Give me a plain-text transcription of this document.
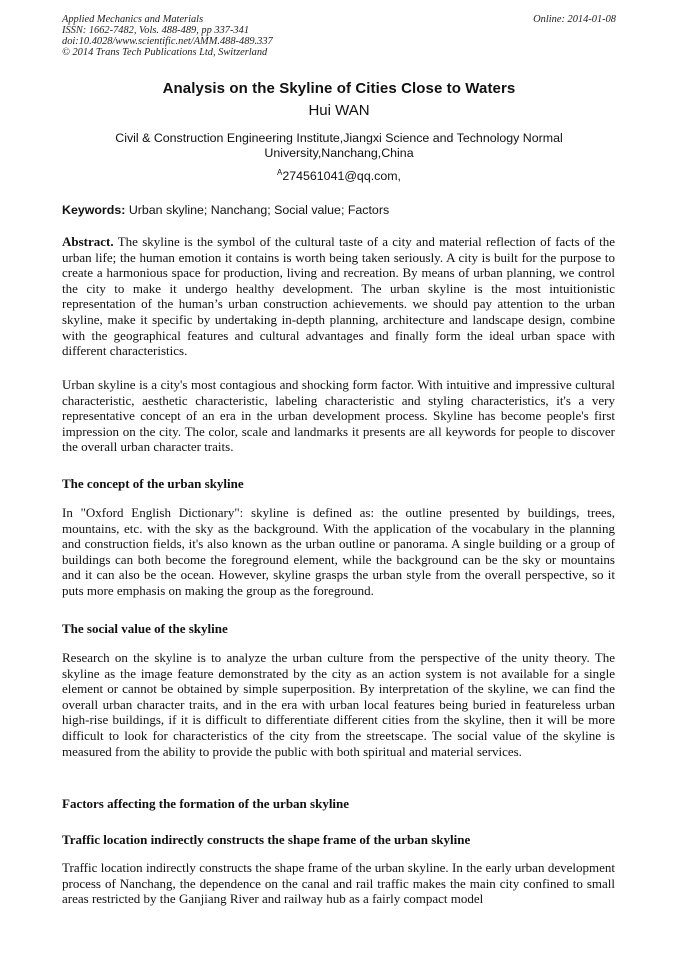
Applied Mechanics and Materials
ISSN: 1662-7482, Vols. 488-489, pp 337-341
doi:10.4028/www.scientific.net/AMM.488-489.337
© 2014 Trans Tech Publications Ltd, Switzerland
Online: 2014-01-08
Analysis on the Skyline of Cities Close to Waters
Hui WAN
Civil & Construction Engineering Institute,Jiangxi Science and Technology Normal University,Nanchang,China
$^A$274561041@qq.com,
Keywords: Urban skyline; Nanchang; Social value; Factors

Abstract. The skyline is the symbol of the cultural taste of a city and material reflection of facts of the urban life; the human emotion it contains is worth being taken seriously. A city is built for the purpose to create a harmonious space for production, living and recreation. By means of urban planning, we control the city to make it undergo healthy development. The urban skyline is the most intuitionistic representation of the human’s urban construction achievements. we should pay attention to the urban skyline, make it specific by undertaking in-depth planning, architecture and landscape design, combine with the geographical features and cultural advantages and finally form the ideal urban space with different characteristics.

Urban skyline is a city's most contagious and shocking form factor. With intuitive and impressive cultural characteristic, aesthetic characteristic, labeling characteristic and styling characteristics, it's a very representative concept of an era in the urban development process. Skyline has become people's first impression on the city. The color, scale and landmarks it presents are all keywords for people to discover the overall urban character traits.

The concept of the urban skyline

In "Oxford English Dictionary": skyline is defined as: the outline presented by buildings, trees, mountains, etc. with the sky as the background. With the application of the vocabulary in the planning and construction fields, it's also known as the urban outline or panorama. A single building or a group of buildings can both become the foreground element, while the background can be the sky or mountains and it can also be the ocean. However, skyline grasps the urban style from the overall perspective, so it puts more emphasis on making the group as the foreground.

The social value of the skyline

Research on the skyline is to analyze the urban culture from the perspective of the unity theory. The skyline as the image feature demonstrated by the city as an action system is not available for a single element or cannot be obtained by simple superposition. By interpretation of the skyline, we can find the overall urban character traits, and in the era with urban local features being buried in featureless urban high-rise buildings, if it is difficult to differentiate different cities from the skyline, then it will be more difficult to look for characteristics of the city from the streetscape. The social value of the skyline is measured from the ability to provide the public with both spiritual and material services.

Factors affecting the formation of the urban skyline
Traffic location indirectly constructs the shape frame of the urban skyline

Traffic location indirectly constructs the shape frame of the urban skyline. In the early urban development process of Nanchang, the dependence on the canal and rail traffic makes the main city confined to small areas restricted by the Ganjiang River and railway hub as a fairly compact model
